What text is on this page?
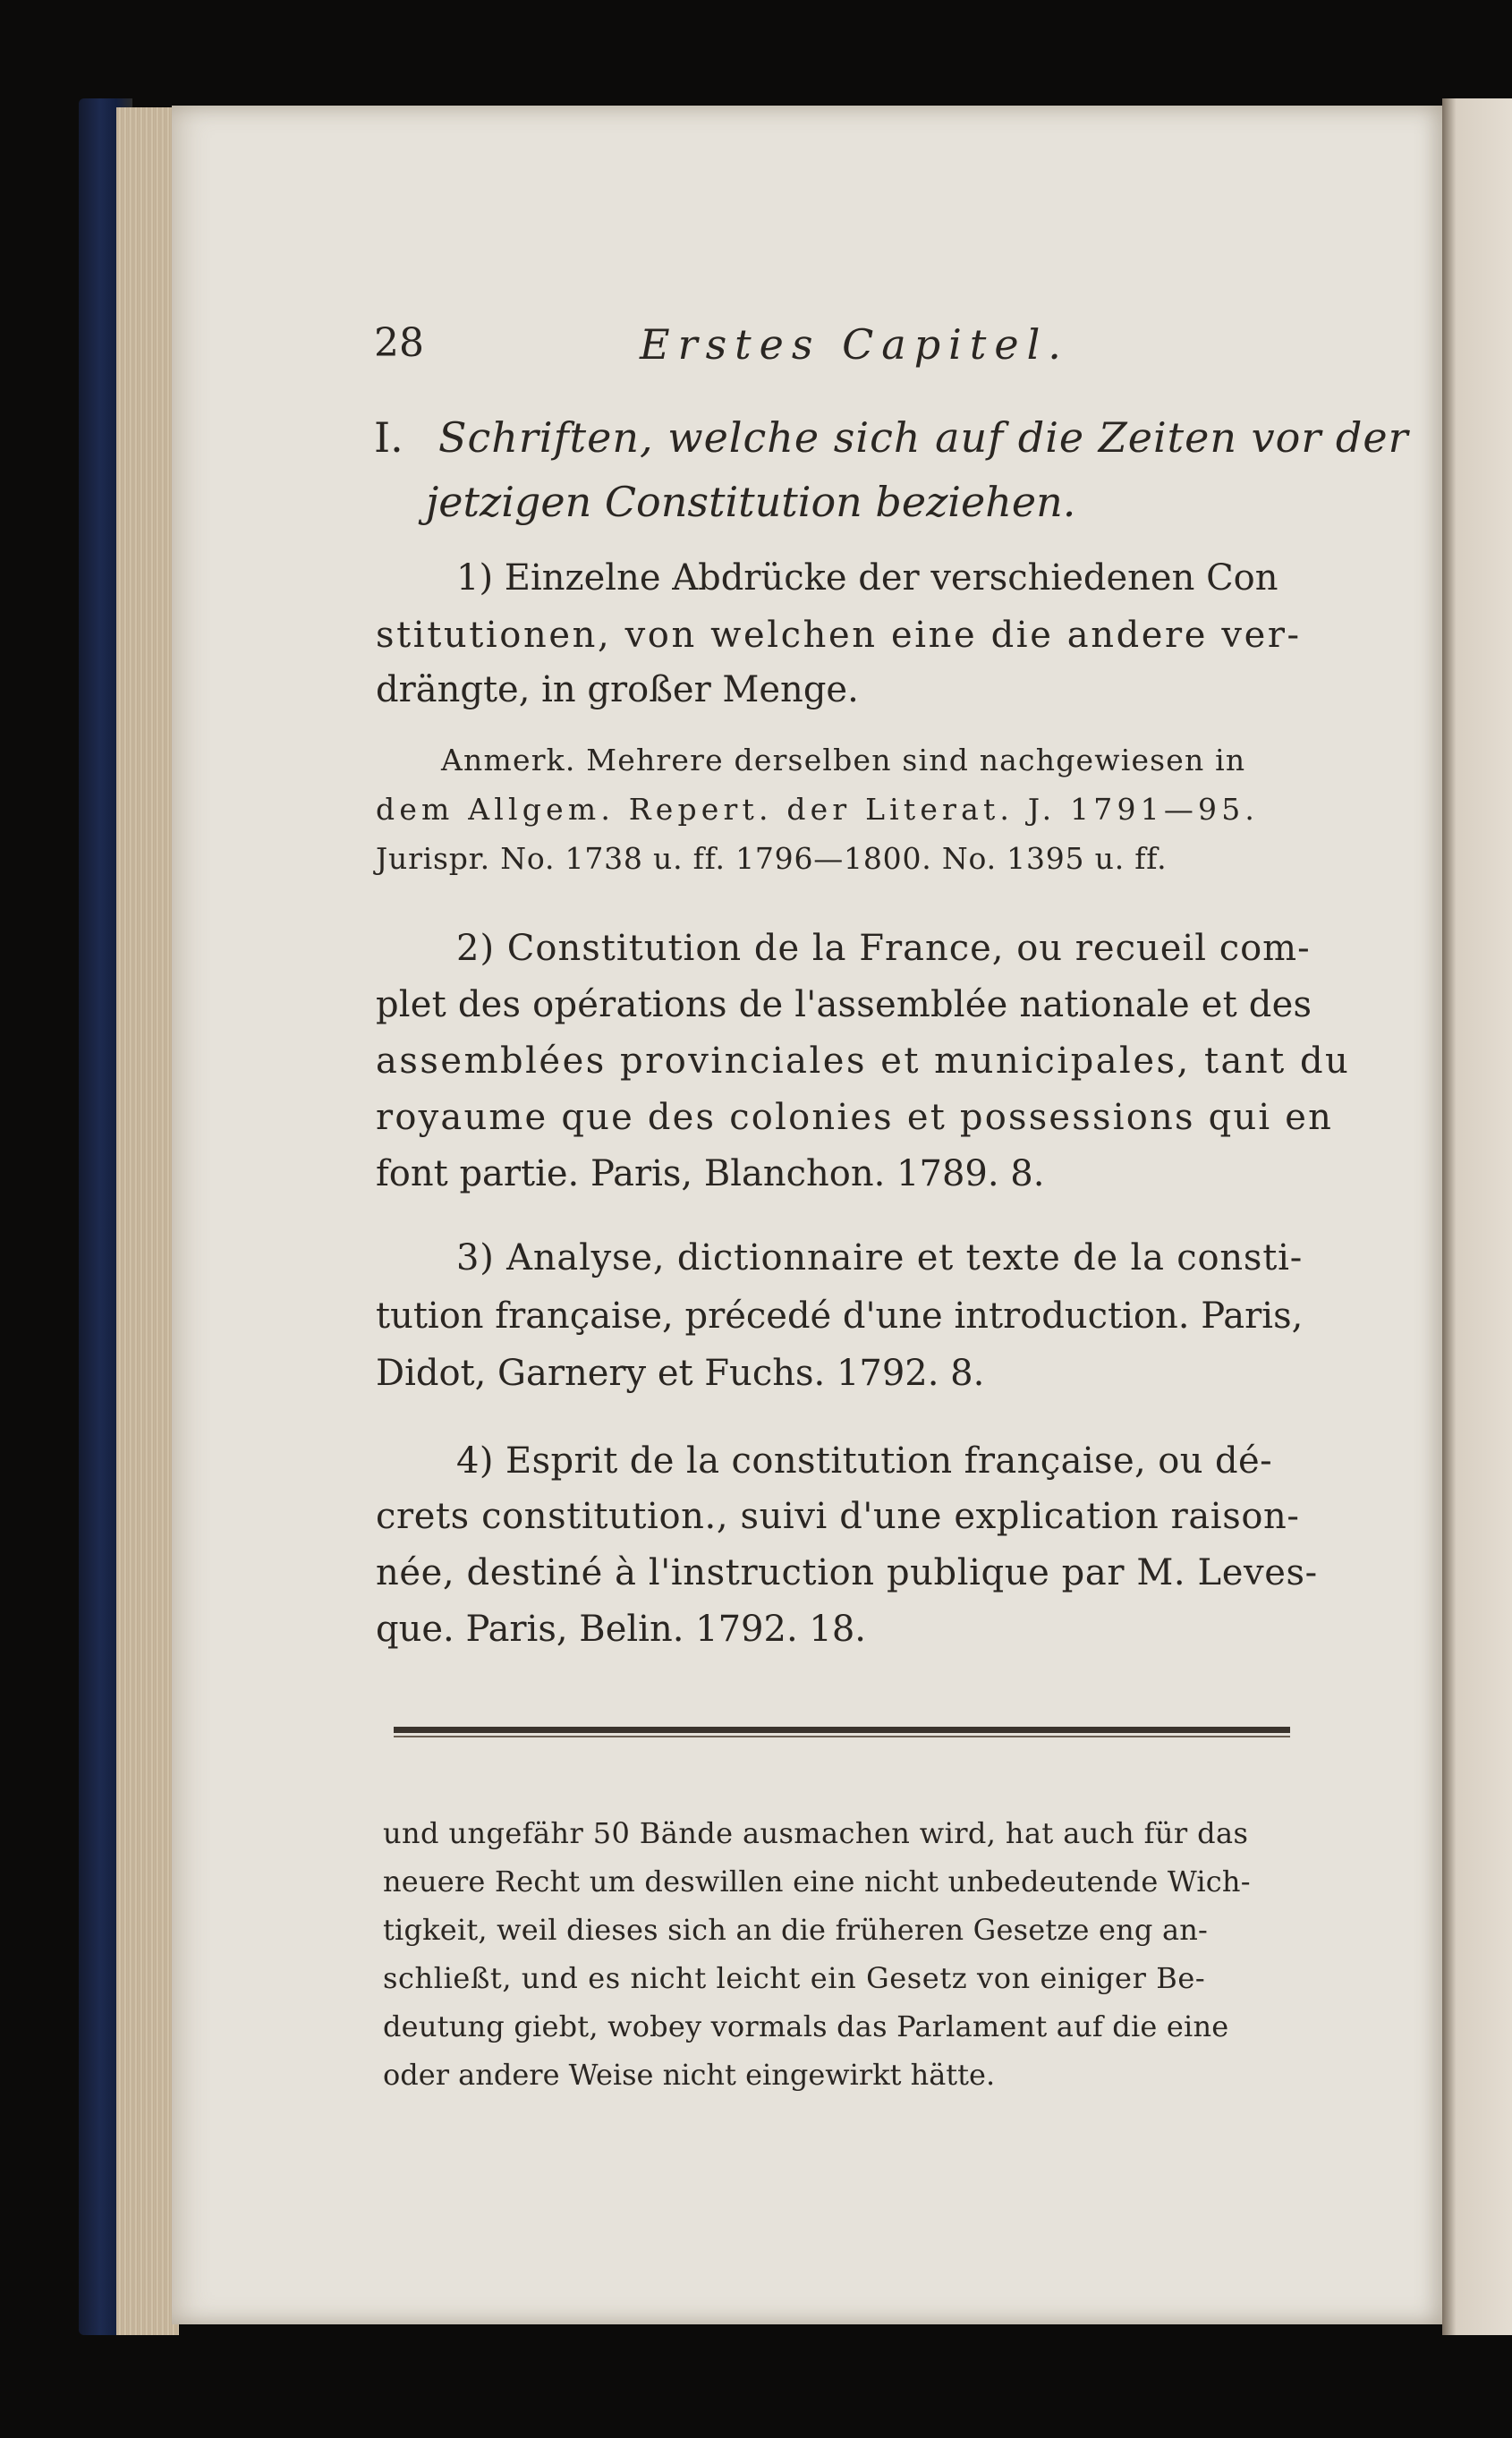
28	Erstes Capitel.
I. Schriften, welche sich auf die Zeiten vor der
jetzigen Constitution beziehen.
1) Einzelne Abdrücke der verschiedenen Con
stitutionen, von welchen eine die andere ver-
drängte, in großer Menge.
Anmerk. Mehrere derselben sind nachgewiesen in
dem Allgem. Repert. der Literat. J. 1791—95.
Jurispr. No. 1738 u. ff. 1796—1800. No. 1395 u. ff.
2) Constitution de la France, ou recueil com-
plet des opérations de l'assemblée nationale et des
assemblées provinciales et municipales, tant du
royaume que des colonies et possessions qui en
font partie. Paris, Blanchon. 1789. 8.
3) Analyse, dictionnaire et texte de la consti-
tution française, précedé d'une introduction. Paris,
Didot, Garnery et Fuchs. 1792. 8.
4) Esprit de la constitution française, ou dé-
crets constitution., suivi d'une explication raison-
née, destiné à l'instruction publique par M. Leves-
que. Paris, Belin. 1792. 18.
und ungefähr 50 Bände ausmachen wird, hat auch für das
neuere Recht um deswillen eine nicht unbedeutende Wich-
tigkeit, weil dieses sich an die früheren Gesetze eng an-
schließt, und es nicht leicht ein Gesetz von einiger Be-
deutung giebt, wobey vormals das Parlament auf die eine
oder andere Weise nicht eingewirkt hätte.
